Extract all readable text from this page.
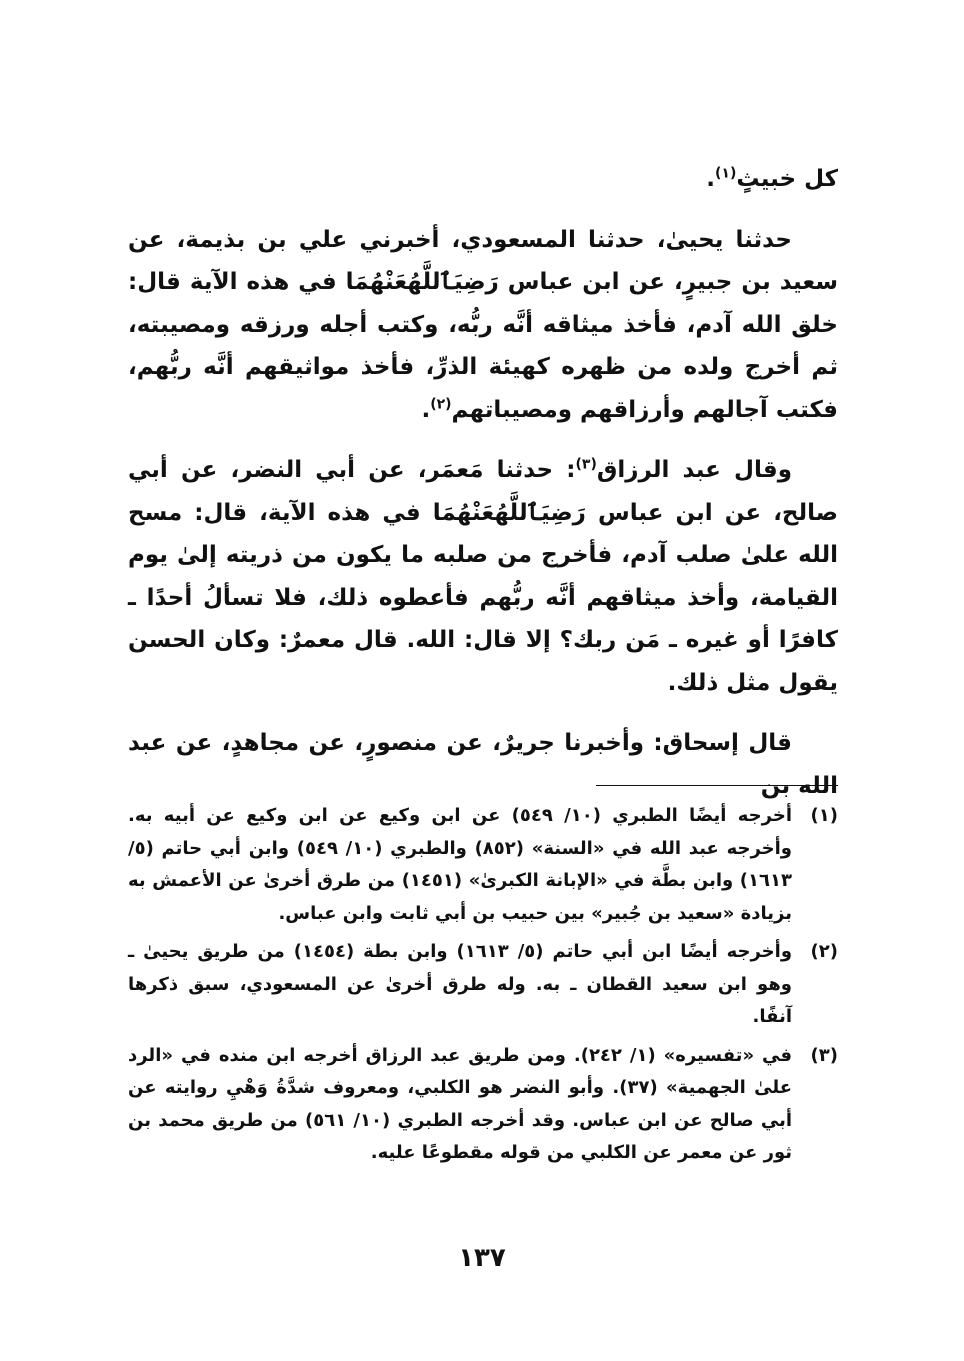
كل خبيثٍ$^{(١)}$.

حدثنا يحيىٰ، حدثنا المسعودي، أخبرني علي بن بذيمة، عن سعيد بن جبيرٍ، عن ابن عباس رَضِيَٱللَّهُعَنْهُمَا في هذه الآية قال: خلق الله آدم، فأخذ ميثاقه أنَّه ربُّه، وكتب أجله ورزقه ومصيبته، ثم أخرج ولده من ظهره كهيئة الذرِّ، فأخذ مواثيقهم أنَّه ربُّهم، فكتب آجالهم وأرزاقهم ومصيباتهم$^{(٢)}$.

وقال عبد الرزاق$^{(٣)}$: حدثنا مَعمَر، عن أبي النضر، عن أبي صالح، عن ابن عباس رَضِيَٱللَّهُعَنْهُمَا في هذه الآية، قال: مسح الله علىٰ صلب آدم، فأخرج من صلبه ما يكون من ذريته إلىٰ يوم القيامة، وأخذ ميثاقهم أنَّه ربُّهم فأعطوه ذلك، فلا تسألُ أحدًا ـ كافرًا أو غيره ـ مَن ربك؟ إلا قال: الله. قال معمرٌ: وكان الحسن يقول مثل ذلك.

قال إسحاق: وأخبرنا جريرٌ، عن منصورٍ، عن مجاهدٍ، عن عبد الله بن

(١)
أخرجه أيضًا الطبري (١٠/ ٥٤٩) عن ابن وكيع عن ابن وكيع عن أبيه به. وأخرجه عبد الله في «السنة» (٨٥٢) والطبري (١٠/ ٥٤٩) وابن أبي حاتم (٥/ ١٦١٣) وابن بطَّة في «الإبانة الكبرىٰ» (١٤٥١) من طرق أخرىٰ عن الأعمش به بزيادة «سعيد بن جُبير» بين حبيب بن أبي ثابت وابن عباس.
(٢)
وأخرجه أيضًا ابن أبي حاتم (٥/ ١٦١٣) وابن بطة (١٤٥٤) من طريق يحيىٰ ـ وهو ابن سعيد القطان ـ به. وله طرق أخرىٰ عن المسعودي، سبق ذكرها آنفًا.
(٣)
في «تفسيره» (١/ ٢٤٢). ومن طريق عبد الرزاق أخرجه ابن منده في «الرد علىٰ الجهمية» (٣٧). وأبو النضر هو الكلبي، ومعروف شدَّةُ وَهْيِ روايته عن أبي صالح عن ابن عباس. وقد أخرجه الطبري (١٠/ ٥٦١) من طريق محمد بن ثور عن معمر عن الكلبي من قوله مقطوعًا عليه.
١٣٧
